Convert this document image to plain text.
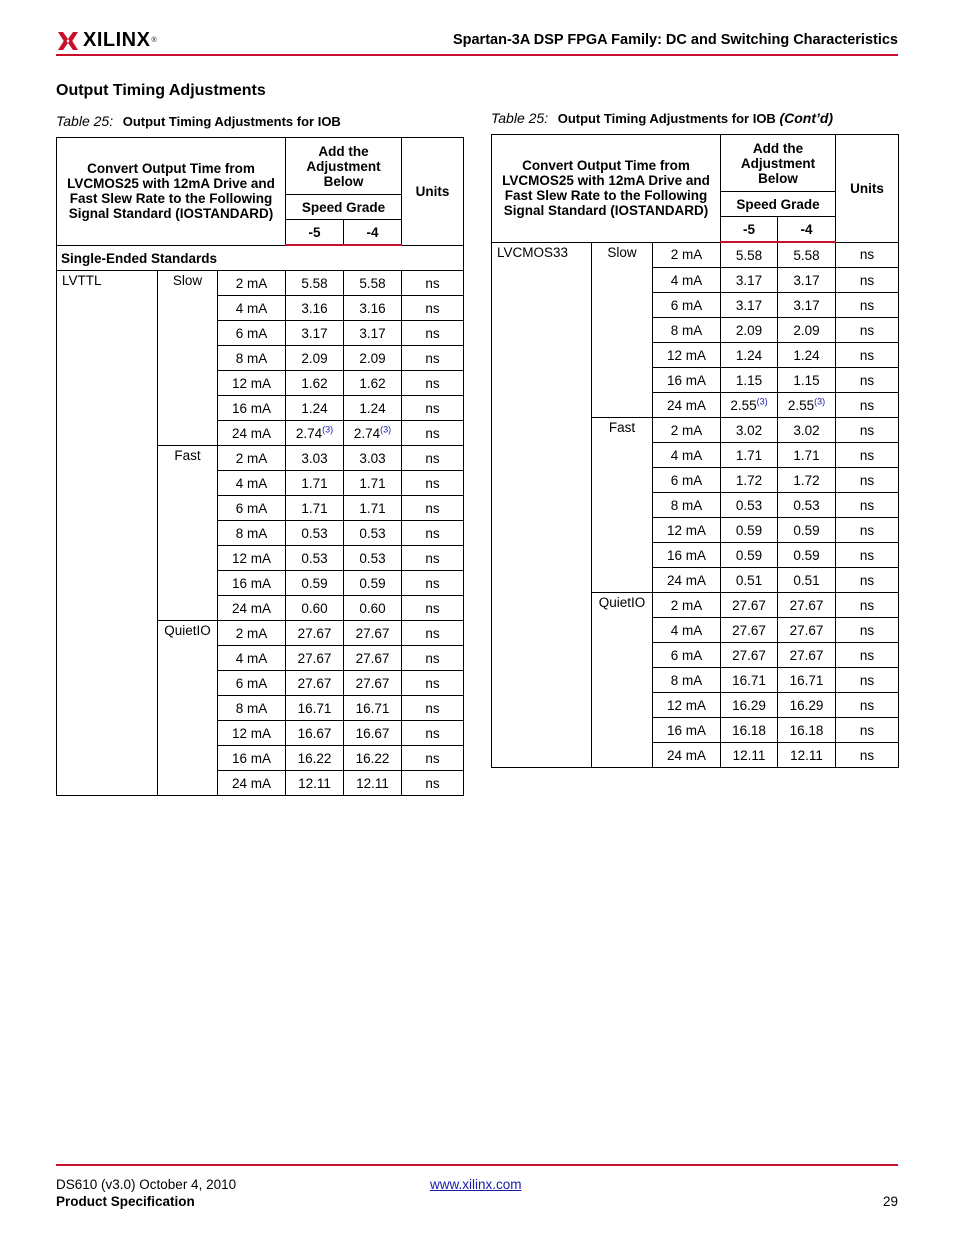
XILINX ®	Spartan-3A DSP FPGA Family: DC and Switching Characteristics
Output Timing Adjustments
Table 25: Output Timing Adjustments for IOB
Convert Output Time from LVCMOS25 with 12mA Drive and Fast Slew Rate to the Following Signal Standard (IOSTANDARD)			Add the Adjustment Below		Units
			Speed Grade		
			-5	-4	
Single-Ended Standards					
LVTTL	Slow	2 mA	5.58	5.58	ns
		4 mA	3.16	3.16	ns
		6 mA	3.17	3.17	ns
		8 mA	2.09	2.09	ns
		12 mA	1.62	1.62	ns
		16 mA	1.24	1.24	ns
		24 mA	2.74$^{(3)}$	2.74$^{(3)}$	ns
	Fast	2 mA	3.03	3.03	ns
		4 mA	1.71	1.71	ns
		6 mA	1.71	1.71	ns
		8 mA	0.53	0.53	ns
		12 mA	0.53	0.53	ns
		16 mA	0.59	0.59	ns
		24 mA	0.60	0.60	ns
	QuietIO	2 mA	27.67	27.67	ns
		4 mA	27.67	27.67	ns
		6 mA	27.67	27.67	ns
		8 mA	16.71	16.71	ns
		12 mA	16.67	16.67	ns
		16 mA	16.22	16.22	ns
		24 mA	12.11	12.11	ns
Table 25: Output Timing Adjustments for IOB (Cont’d)
Convert Output Time from LVCMOS25 with 12mA Drive and Fast Slew Rate to the Following Signal Standard (IOSTANDARD)			Add the Adjustment Below		Units
			Speed Grade		
			-5	-4	
LVCMOS33	Slow	2 mA	5.58	5.58	ns
		4 mA	3.17	3.17	ns
		6 mA	3.17	3.17	ns
		8 mA	2.09	2.09	ns
		12 mA	1.24	1.24	ns
		16 mA	1.15	1.15	ns
		24 mA	2.55$^{(3)}$	2.55$^{(3)}$	ns
	Fast	2 mA	3.02	3.02	ns
		4 mA	1.71	1.71	ns
		6 mA	1.72	1.72	ns
		8 mA	0.53	0.53	ns
		12 mA	0.59	0.59	ns
		16 mA	0.59	0.59	ns
		24 mA	0.51	0.51	ns
	QuietIO	2 mA	27.67	27.67	ns
		4 mA	27.67	27.67	ns
		6 mA	27.67	27.67	ns
		8 mA	16.71	16.71	ns
		12 mA	16.29	16.29	ns
		16 mA	16.18	16.18	ns
		24 mA	12.11	12.11	ns
DS610 (v3.0) October 4, 2010
Product Specification
www.xilinx.com
29
